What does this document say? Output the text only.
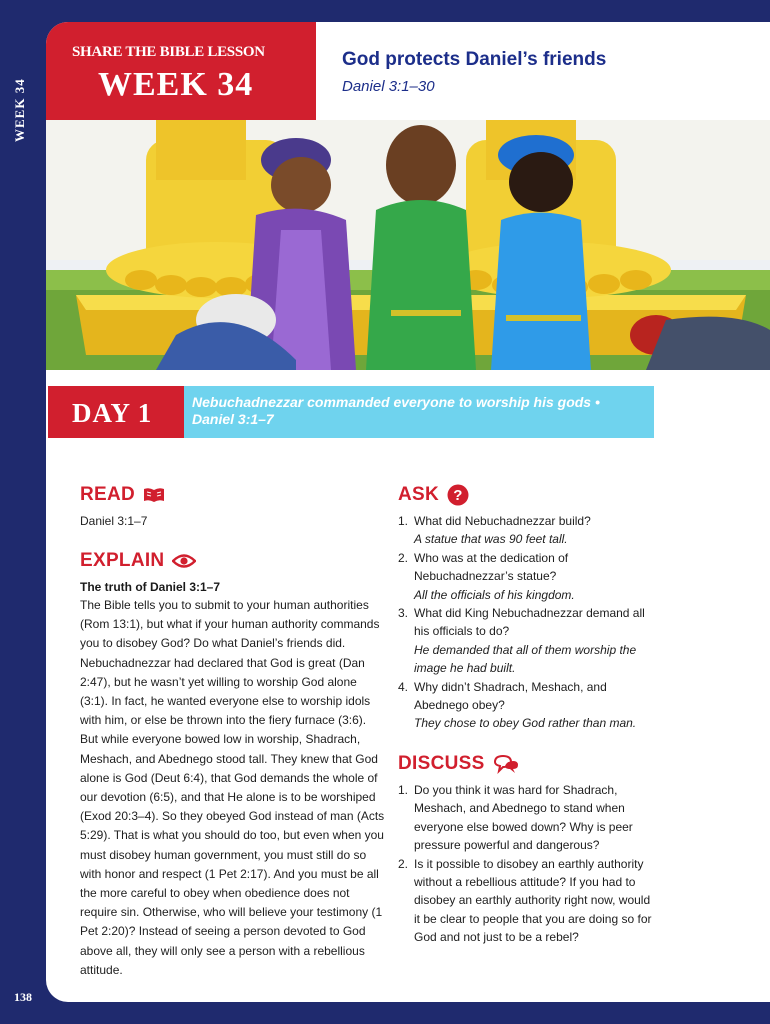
WEEK 34
138
SHARE THE BIBLE LESSON
WEEK 34
God protects Daniel’s friends
Daniel 3:1–30
DAY 1	Nebuchadnezzar commanded everyone to worship his gods •
Daniel 3:1–7
READ
Daniel 3:1–7
EXPLAIN
The truth of Daniel 3:1–7
The Bible tells you to submit to your human authorities (Rom 13:1), but what if your human authority commands you to disobey God? Do what Daniel’s friends did. Nebuchadnezzar had declared that God is great (Dan 2:47), but he wasn’t yet willing to worship God alone (3:1). In fact, he wanted everyone else to worship idols with him, or else be thrown into the fiery furnace (3:6). But while everyone bowed low in worship, Shadrach, Meshach, and Abednego stood tall. They knew that God alone is God (Deut 6:4), that God demands the whole of our devotion (6:5), and that He alone is to be worshiped (Exod 20:3–4). So they obeyed God instead of man (Acts 5:29). That is what you should do too, but even when you must disobey human government, you must still do so with honor and respect (1 Pet 2:17). And you must be all the more careful to obey when obedience does not require sin. Otherwise, who will believe your testimony (1 Pet 2:20)? Instead of seeing a person devoted to God above all, they will only see a person with a rebellious attitude.
ASK ?
1. What did Nebuchadnezzar build?
A statue that was 90 feet tall.
2. Who was at the dedication of Nebuchadnezzar’s statue?
All the officials of his kingdom.
3. What did King Nebuchadnezzar demand all his officials to do?
He demanded that all of them worship the image he had built.
4. Why didn’t Shadrach, Meshach, and Abednego obey?
They chose to obey God rather than man.
DISCUSS
1. Do you think it was hard for Shadrach, Meshach, and Abednego to stand when everyone else bowed down? Why is peer pressure powerful and dangerous?
2. Is it possible to disobey an earthly authority without a rebellious attitude? If you had to disobey an earthly authority right now, would it be clear to people that you are doing so for God and not just to be a rebel?
